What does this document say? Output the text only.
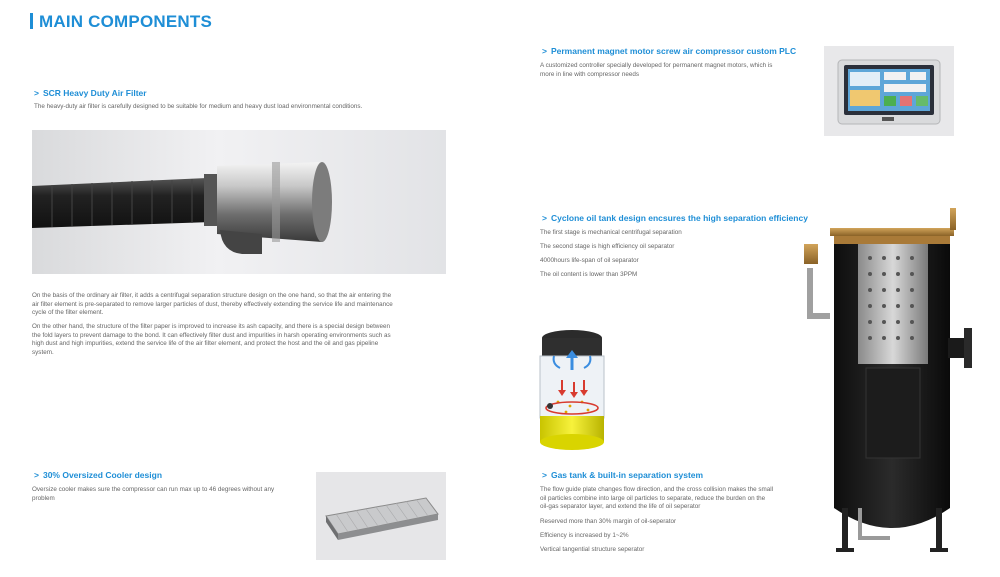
MAIN COMPONENTS
> SCR Heavy Duty Air Filter
The heavy-duty air filter is carefully designed to be suitable for medium and heavy dust load environmental conditions.
On the basis of the ordinary air filter, it adds a centrifugal separation structure design on the one hand, so that the air entering the
air filter element is pre-separated to remove larger particles of dust, thereby effectively extending the service life and maintenance
cycle of the filter element.
On the other hand, the structure of the filter paper is improved to increase its ash capacity, and there is a special design between
the fold layers to prevent damage to the bond. It can effectively filter dust and impurities in harsh operating environments such as
high dust and high impurities, extend the service life of the air filter element, and protect the host and the oil and gas pipeline
system.
> 30% Oversized Cooler design
Oversize cooler makes sure the compressor can run max up to 46 degrees without any
problem
> Permanent magnet motor screw air compressor custom PLC
A customized controller specially developed for permanent magnet motors, which is
more in line with compressor needs
> Cyclone oil tank design encsures the high separation efficiency
The first stage is mechanical centrifugal separation
The second stage is high efficiency oil separator
4000hours life-span of oil separator
The oil content is lower than 3PPM
> Gas tank & built-in separation system
The flow guide plate changes flow direction, and the cross collision makes the small
oil particles combine into large oil particles to separate, reduce the burden on the
oil-gas separator layer, and extend the life of oil seperator
Reserved more than 30% margin of oil-seperator
Efficiency is increased by 1~2%
Vertical tangential structure seperator
